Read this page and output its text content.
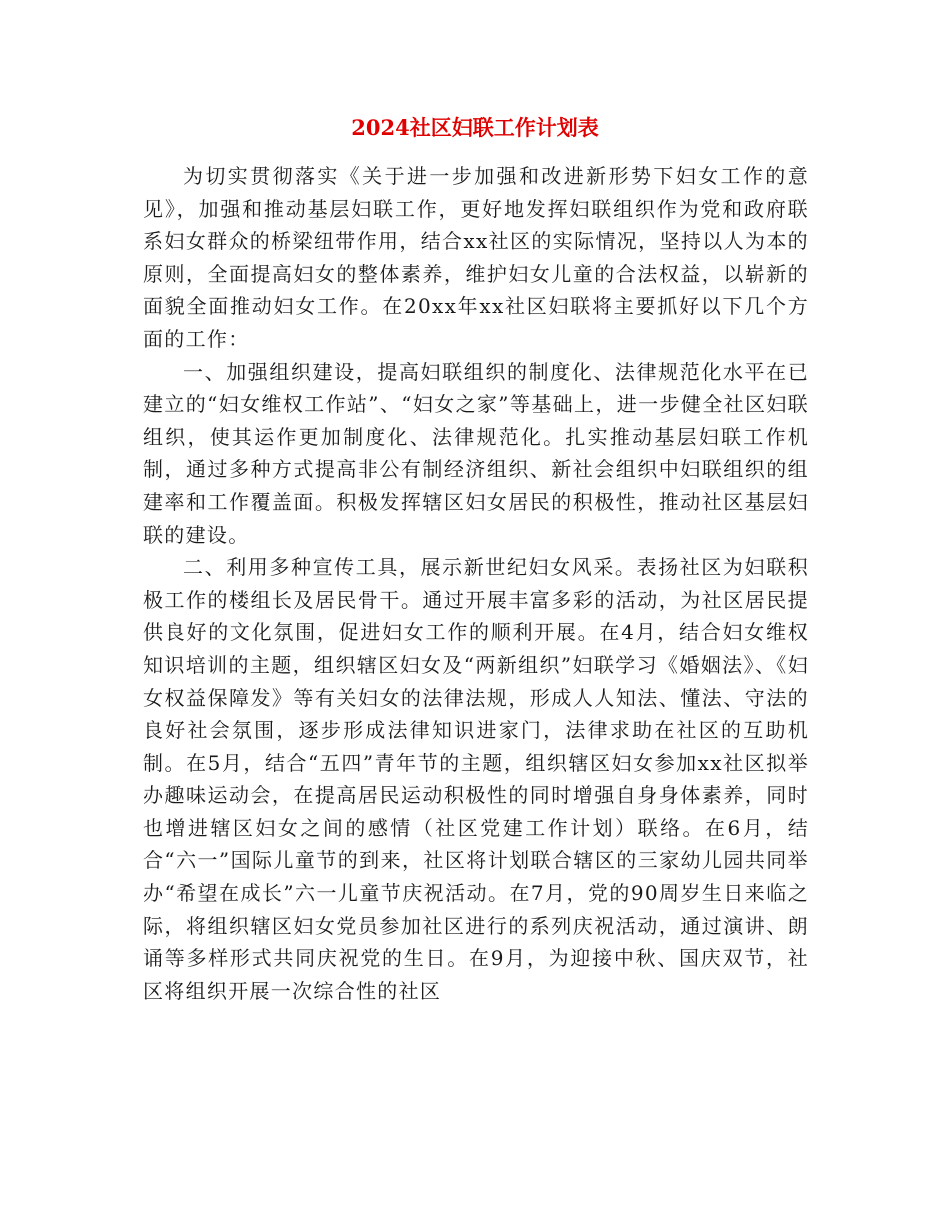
2024社区妇联工作计划表

为切实贯彻落实《关于进一步加强和改进新形势下妇女工作的意见》，加强和推动基层妇联工作，更好地发挥妇联组织作为党和政府联系妇女群众的桥梁纽带作用，结合xx社区的实际情况，坚持以人为本的原则，全面提高妇女的整体素养，维护妇女儿童的合法权益，以崭新的面貌全面推动妇女工作。在20xx年xx社区妇联将主要抓好以下几个方面的工作：

一、加强组织建设，提高妇联组织的制度化、法律规范化水平在已建立的“妇女维权工作站”、“妇女之家”等基础上，进一步健全社区妇联组织，使其运作更加制度化、法律规范化。扎实推动基层妇联工作机制，通过多种方式提高非公有制经济组织、新社会组织中妇联组织的组建率和工作覆盖面。积极发挥辖区妇女居民的积极性，推动社区基层妇联的建设。

二、利用多种宣传工具，展示新世纪妇女风采。表扬社区为妇联积极工作的楼组长及居民骨干。通过开展丰富多彩的活动，为社区居民提供良好的文化氛围，促进妇女工作的顺利开展。在4月，结合妇女维权知识培训的主题，组织辖区妇女及“两新组织”妇联学习《婚姻法》、《妇女权益保障发》等有关妇女的法律法规，形成人人知法、懂法、守法的良好社会氛围，逐步形成法律知识进家门，法律求助在社区的互助机制。在5月，结合“五四”青年节的主题，组织辖区妇女参加xx社区拟举办趣味运动会，在提高居民运动积极性的同时增强自身身体素养，同时也增进辖区妇女之间的感情（社区党建工作计划）联络。在6月，结合“六一”国际儿童节的到来，社区将计划联合辖区的三家幼儿园共同举办“希望在成长”六一儿童节庆祝活动。在7月，党的90周岁生日来临之际，将组织辖区妇女党员参加社区进行的系列庆祝活动，通过演讲、朗诵等多样形式共同庆祝党的生日。在9月，为迎接中秋、国庆双节，社区将组织开展一次综合性的社区
